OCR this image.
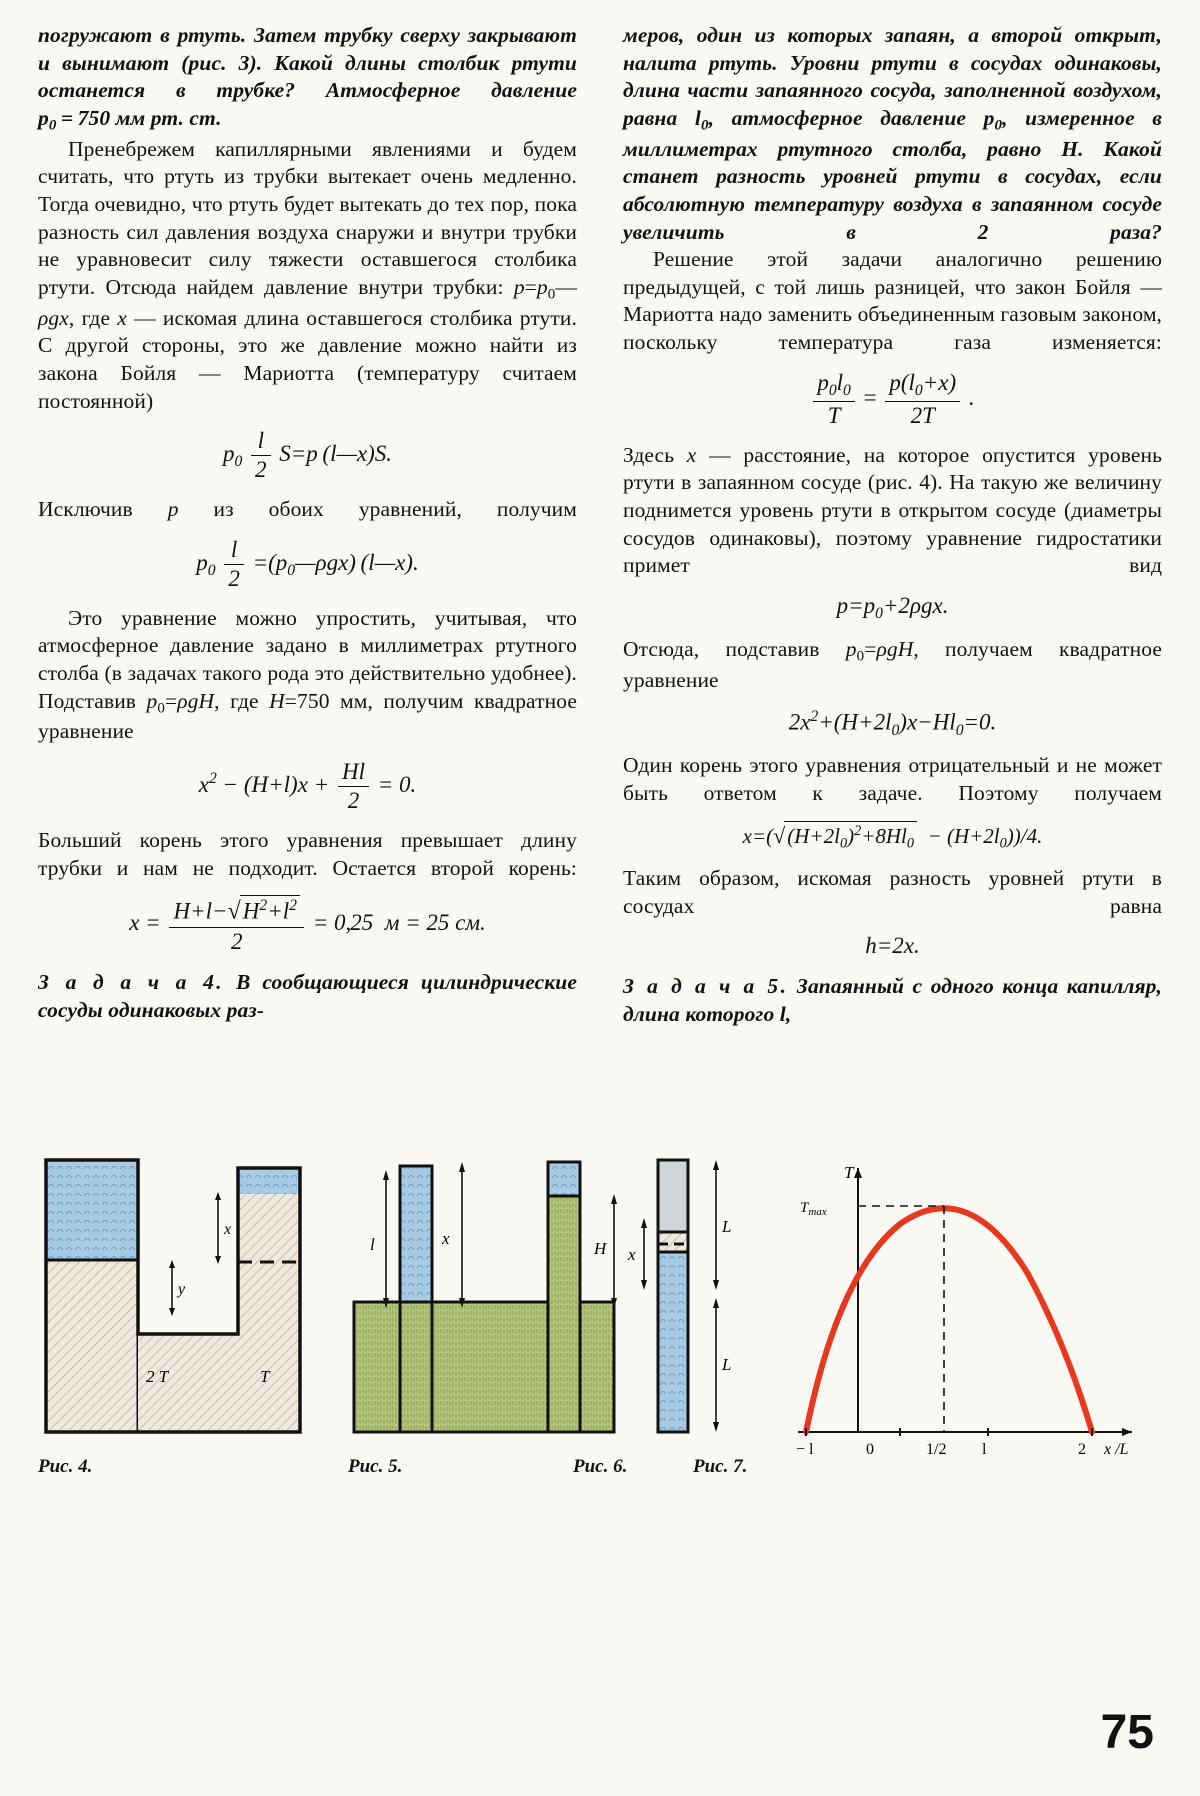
погружают в ртуть. Затем трубку сверху закрывают и вынимают (рис. 3). Какой длины столбик ртути останется в трубке? Атмосферное давление

$p_0 = 750$ мм рт. ст.

Пренебрежем капиллярными явлениями и будем считать, что ртуть из трубки вытекает очень медленно. Тогда очевидно, что ртуть будет вытекать до тех пор, пока разность сил давления воздуха снаружи и внутри трубки не уравновесит силу тяжести оставшегося столбика ртути. Отсюда найдем давление внутри трубки: $p=p_0—\rho gx$, где x — искомая длина оставшегося столбика ртути. С другой стороны, это же давление можно найти из закона Бойля — Мариотта (температуру считаем постоянной)

$p_0 \frac{l}{2} S=p$ (l—x)S.

Исключив p из обоих уравнений, получим

$p_0 \frac{l}{2}$ $=(p_0—\rho gx)$ (l—x).

Это уравнение можно упростить, учитывая, что атмосферное давление задано в миллиметрах ртутного столба (в задачах такого рода это действительно удобнее). Подставив $p_0=\rho gH$, где H=750 мм, получим квадратное уравнение

$x^2 - (H+l)x + \frac{Hl}{2} = 0$.

Больший корень этого уравнения превышает длину трубки и нам не подходит. Остается второй корень:

$x = \frac{H+l-√H^2+l^2}{2} = 0,25$  м = 25 см.

З а д а ч а 4. В сообщающиеся цилиндрические сосуды одинаковых раз-

меров, один из которых запаян, а второй открыт, налита ртуть. Уровни ртути в сосудах одинаковы, длина части запаянного сосуда, заполненной воздухом, равна $l_0$, атмосферное давление $p_0$, измеренное в миллиметрах ртутного столба, равно H. Какой станет разность уровней ртути в сосудах, если абсолютную температуру воздуха в запаянном сосуде увеличить в 2 раза?

Решение этой задачи аналогично решению предыдущей, с той лишь разницей, что закон Бойля — Мариотта надо заменить объединенным газовым законом, поскольку температура газа изменяется:

$\frac{p_0l_0}{T} = \frac{p(l_0+x)}{2T}$ .

Здесь x — расстояние, на которое опустится уровень ртути в запаянном сосуде (рис. 4). На такую же величину поднимется уровень ртути в открытом сосуде (диаметры сосудов одинаковы), поэтому уравнение гидростатики примет вид

$p=p_0+2\rho gx$.

Отсюда, подставив $p_0=\rho gH$, получаем квадратное уравнение

$2x^2+(H+2l_0)x-Hl_0=0$.

Один корень этого уравнения отрицательный и не может быть ответом к задаче. Поэтому получаем

$x=(√(H+2l_0)^2+8Hl_0 - (H+2l_0))/4$.

Таким образом, искомая разность уровней ртути в сосудах равна

h=2x.

З а д а ч а 5. Запаянный с одного конца капилляр, длина которого l,

y
x
2 T	T
l	x
H
L
x
L
T
$T_{max}$
− l	0	1/2 l	2 x /L
Рис. 4.	Рис. 5.	Рис. 6.	Рис. 7.
75
